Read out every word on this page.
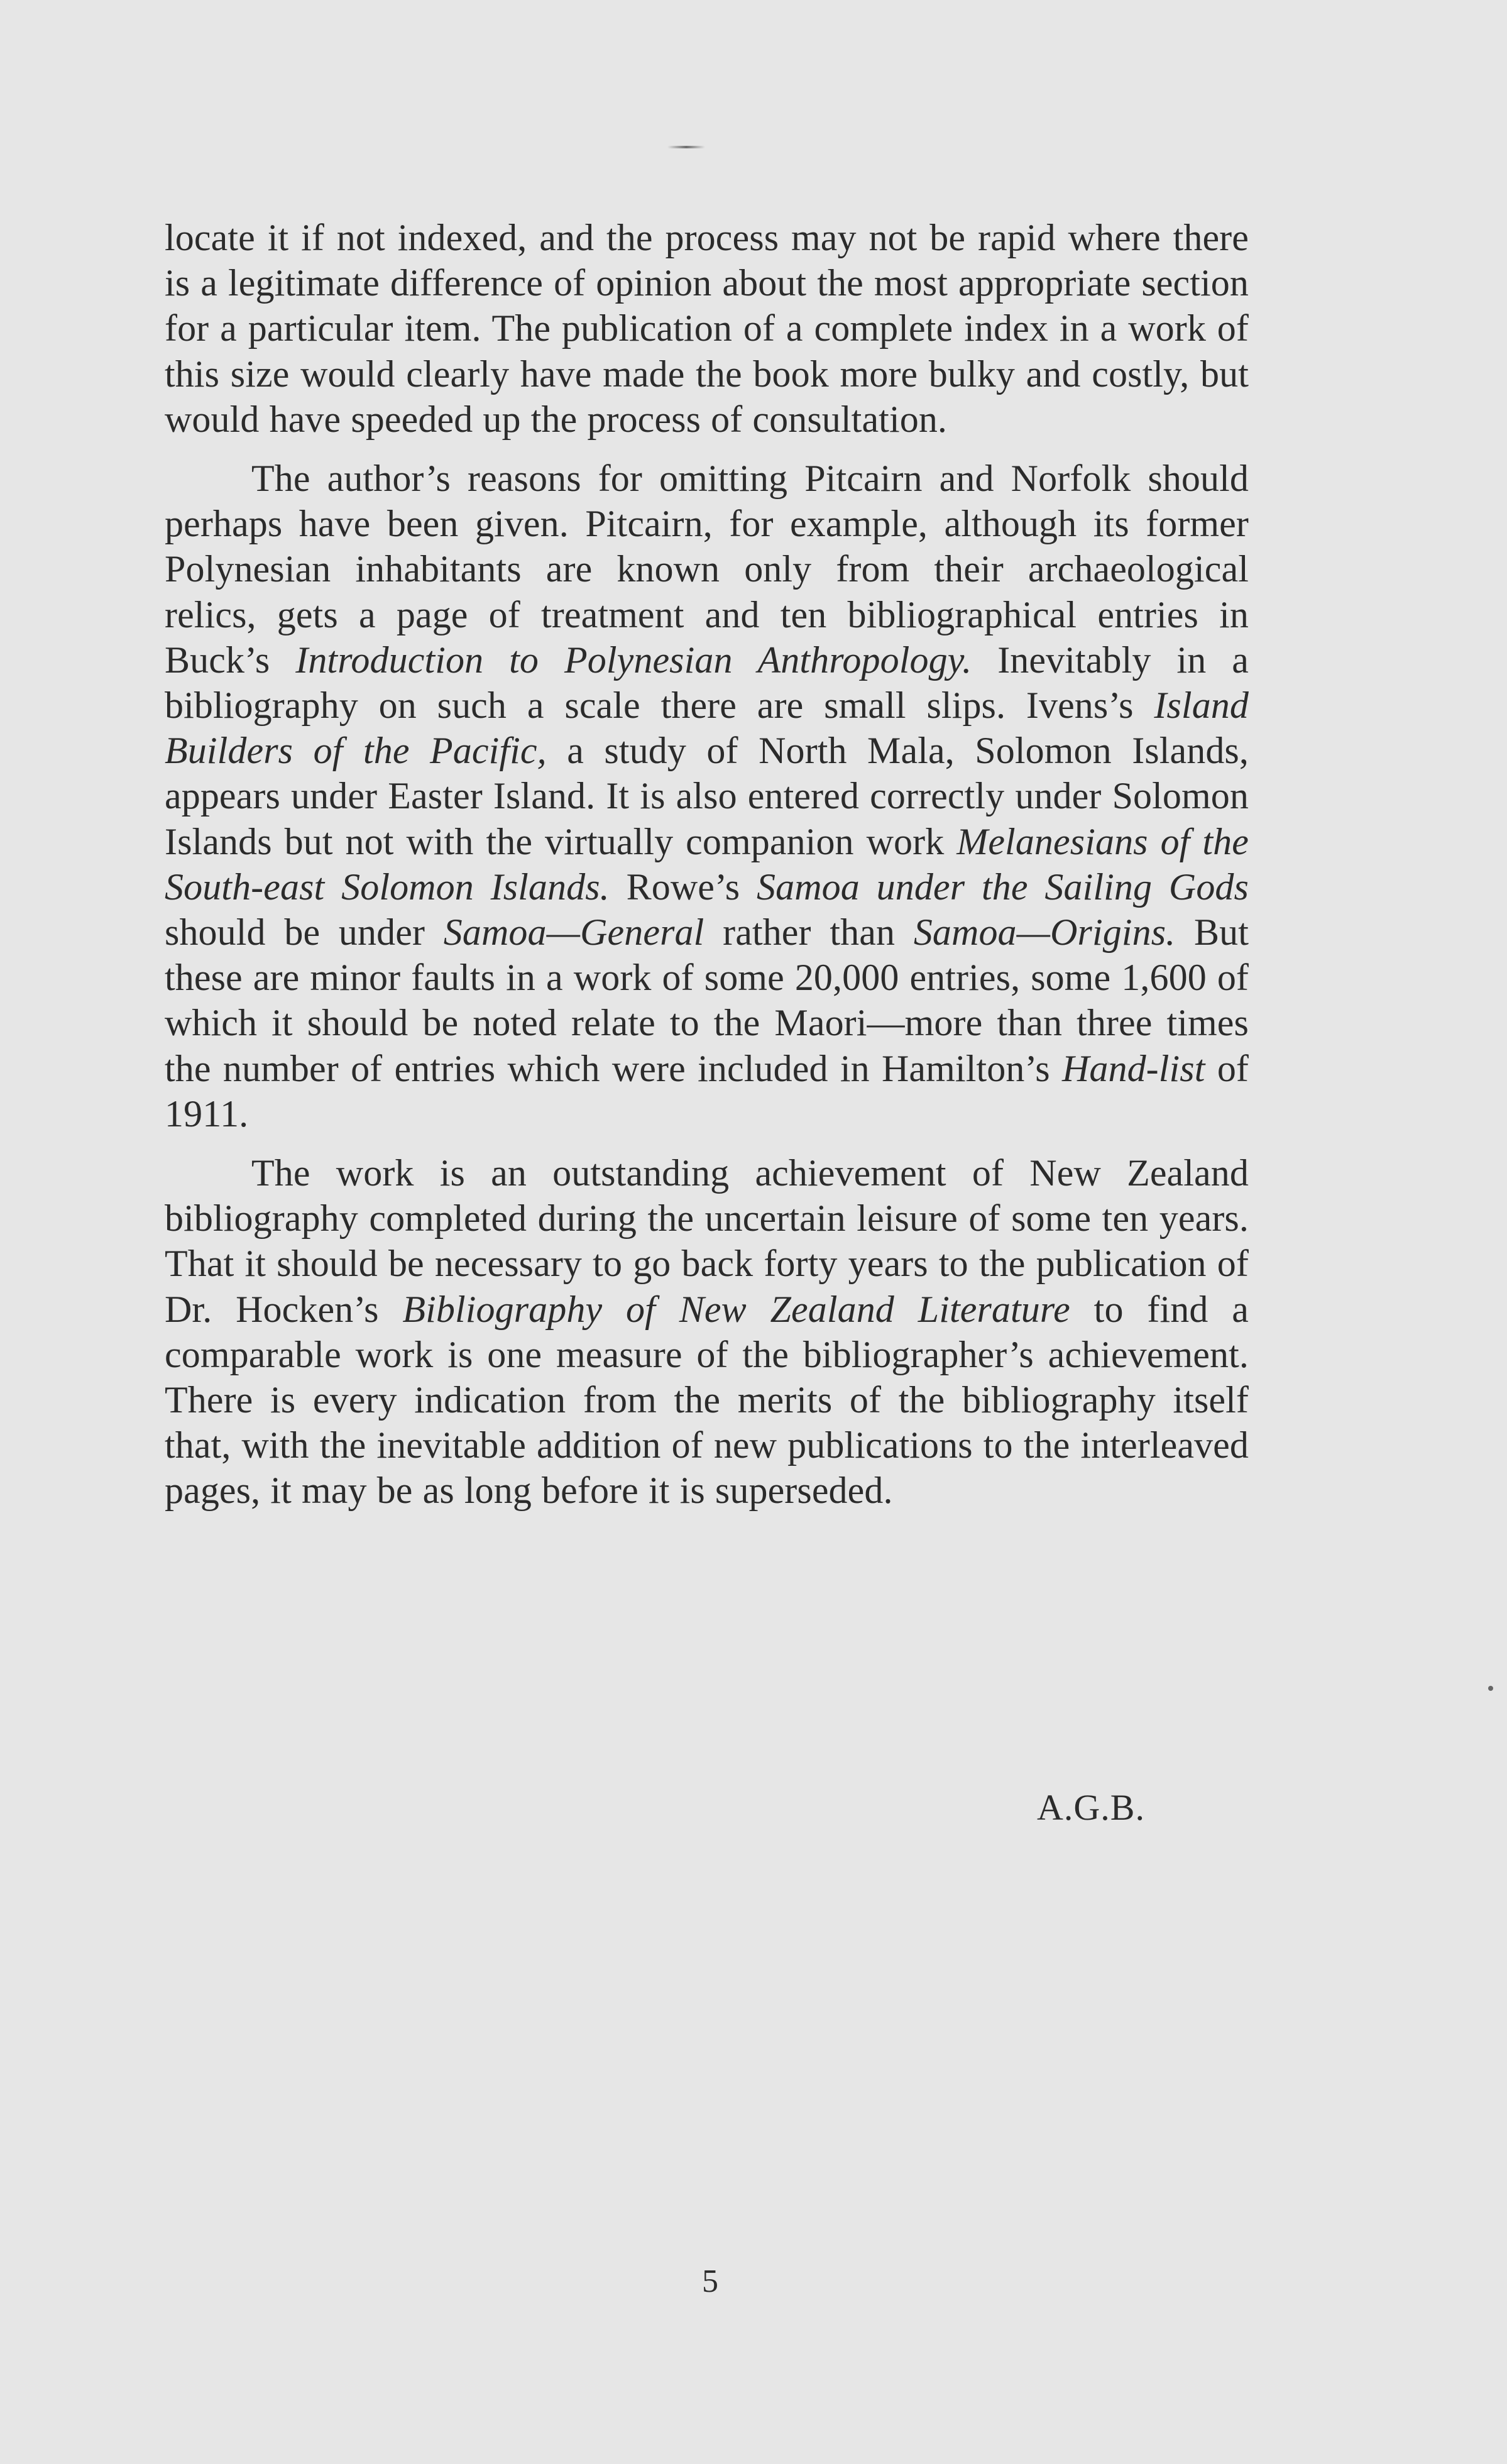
locate it if not indexed, and the process may not be rapid where there is a legitimate difference of opinion about the most appropriate section for a particular item. The publication of a complete index in a work of this size would clearly have made the book more bulky and costly, but would have speeded up the process of consultation.

The author’s reasons for omitting Pitcairn and Norfolk should perhaps have been given. Pitcairn, for example, although its former Polynesian inhabitants are known only from their archaeological relics, gets a page of treatment and ten bibliographical entries in Buck’s Introduction to Polynesian Anthropology. Inevitably in a bibliography on such a scale there are small slips. Ivens’s Island Builders of the Pacific, a study of North Mala, Solomon Islands, appears under Easter Island. It is also entered correctly under Solomon Islands but not with the virtually companion work Melanesians of the South-east Solomon Islands. Rowe’s Samoa under the Sailing Gods should be under Samoa—General rather than Samoa—Origins. But these are minor faults in a work of some 20,000 entries, some 1,600 of which it should be noted relate to the Maori—more than three times the number of entries which were included in Hamilton’s Hand-list of 1911.

The work is an outstanding achievement of New Zealand bibliography completed during the uncertain leisure of some ten years. That it should be necessary to go back forty years to the publication of Dr. Hocken’s Bibliography of New Zealand Literature to find a comparable work is one measure of the bibliographer’s achievement. There is every indication from the merits of the bibliography itself that, with the inevitable addition of new publications to the interleaved pages, it may be as long before it is superseded.

A.G.B.

5
